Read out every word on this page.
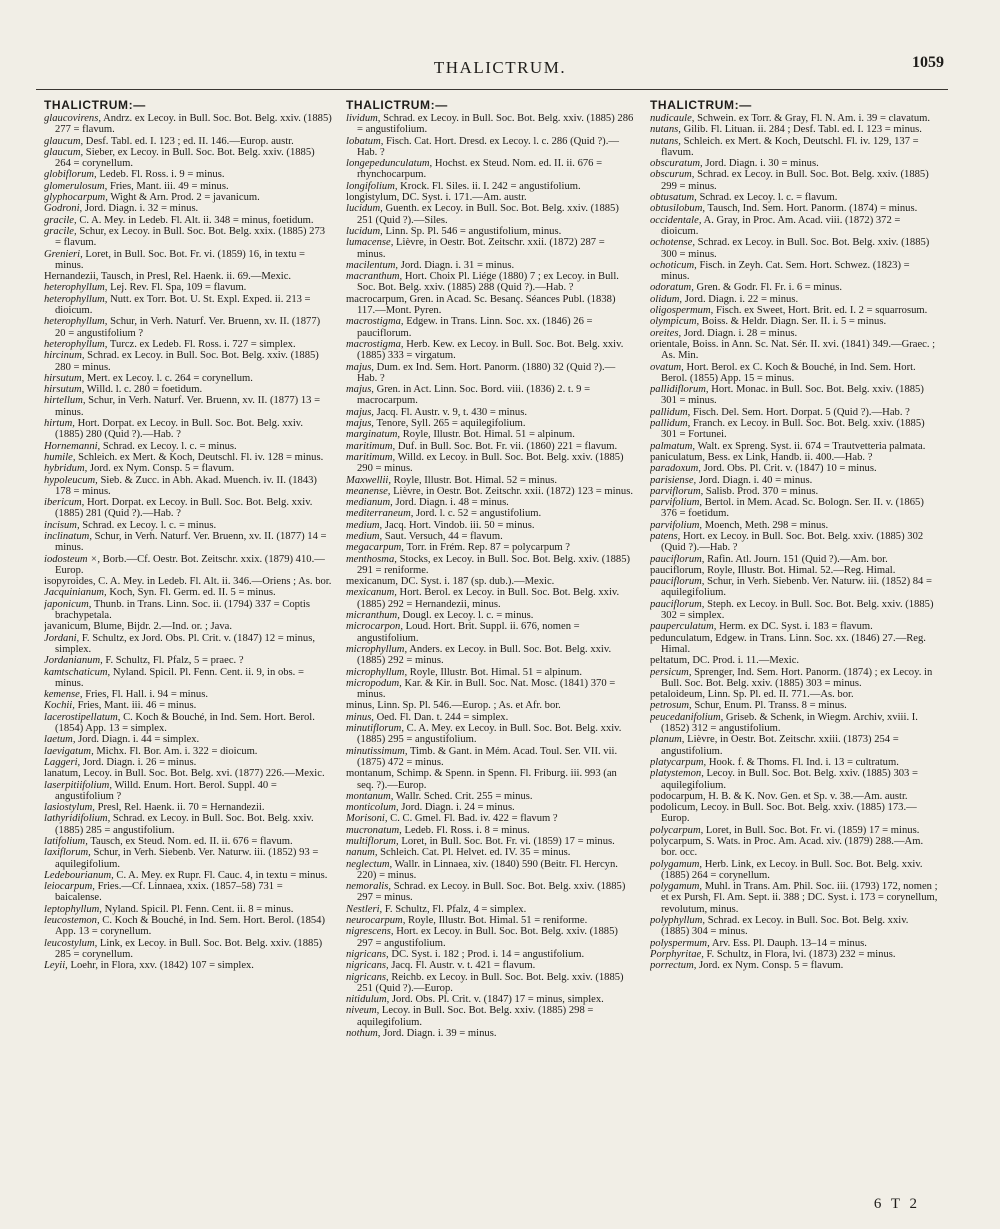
THALICTRUM.	1059
THALICTRUM:—

glaucovirens, Andrz. ex Lecoy. in Bull. Soc. Bot. Belg. xxiv. (1885) 277 = flavum.

glaucum, Desf. Tabl. ed. I. 123 ; ed. II. 146.—Europ. austr.

glaucum, Sieber, ex Lecoy. in Bull. Soc. Bot. Belg. xxiv. (1885) 264 = corynellum.

globiflorum, Ledeb. Fl. Ross. i. 9 = minus.

glomerulosum, Fries, Mant. iii. 49 = minus.

glyphocarpum, Wight & Arn. Prod. 2 = javanicum.

Godroni, Jord. Diagn. i. 32 = minus.

gracile, C. A. Mey. in Ledeb. Fl. Alt. ii. 348 = minus, foetidum.

gracile, Schur, ex Lecoy. in Bull. Soc. Bot. Belg. xxix. (1885) 273 = flavum.

Grenieri, Loret, in Bull. Soc. Bot. Fr. vi. (1859) 16, in textu = minus.

Hernandezii, Tausch, in Presl, Rel. Haenk. ii. 69.—Mexic.

heterophyllum, Lej. Rev. Fl. Spa, 109 = flavum.

heterophyllum, Nutt. ex Torr. Bot. U. St. Expl. Exped. ii. 213 = dioicum.

heterophyllum, Schur, in Verh. Naturf. Ver. Bruenn, xv. II. (1877) 20 = angustifolium ?

heterophyllum, Turcz. ex Ledeb. Fl. Ross. i. 727 = simplex.

hircinum, Schrad. ex Lecoy. in Bull. Soc. Bot. Belg. xxiv. (1885) 280 = minus.

hirsutum, Mert. ex Lecoy. l. c. 264 = corynellum.

hirsutum, Willd. l. c. 280 = foetidum.

hirtellum, Schur, in Verh. Naturf. Ver. Bruenn, xv. II. (1877) 13 = minus.

hirtum, Hort. Dorpat. ex Lecoy. in Bull. Soc. Bot. Belg. xxiv. (1885) 280 (Quid ?).—Hab. ?

Hornemanni, Schrad. ex Lecoy. l. c. = minus.

humile, Schleich. ex Mert. & Koch, Deutschl. Fl. iv. 128 = minus.

hybridum, Jord. ex Nym. Consp. 5 = flavum.

hypoleucum, Sieb. & Zucc. in Abh. Akad. Muench. iv. II. (1843) 178 = minus.

ibericum, Hort. Dorpat. ex Lecoy. in Bull. Soc. Bot. Belg. xxiv. (1885) 281 (Quid ?).—Hab. ?

incisum, Schrad. ex Lecoy. l. c. = minus.

inclinatum, Schur, in Verh. Naturf. Ver. Bruenn, xv. II. (1877) 14 = minus.

iodosteum ×, Borb.—Cf. Oestr. Bot. Zeitschr. xxix. (1879) 410.—Europ.

isopyroides, C. A. Mey. in Ledeb. Fl. Alt. ii. 346.—Oriens ; As. bor.

Jacquinianum, Koch, Syn. Fl. Germ. ed. II. 5 = minus.

japonicum, Thunb. in Trans. Linn. Soc. ii. (1794) 337 = Coptis brachypetala.

javanicum, Blume, Bijdr. 2.—Ind. or. ; Java.

Jordani, F. Schultz, ex Jord. Obs. Pl. Crit. v. (1847) 12 = minus, simplex.

Jordanianum, F. Schultz, Fl. Pfalz, 5 = praec. ?

kamtschaticum, Nyland. Spicil. Pl. Fenn. Cent. ii. 9, in obs. = minus.

kemense, Fries, Fl. Hall. i. 94 = minus.

Kochii, Fries, Mant. iii. 46 = minus.

lacerostipellatum, C. Koch & Bouché, in Ind. Sem. Hort. Berol. (1854) App. 13 = simplex.

laetum, Jord. Diagn. i. 44 = simplex.

laevigatum, Michx. Fl. Bor. Am. i. 322 = dioicum.

Laggeri, Jord. Diagn. i. 26 = minus.

lanatum, Lecoy. in Bull. Soc. Bot. Belg. xvi. (1877) 226.—Mexic.

laserpitiifolium, Willd. Enum. Hort. Berol. Suppl. 40 = angustifolium ?

lasiostylum, Presl, Rel. Haenk. ii. 70 = Hernandezii.

lathyridifolium, Schrad. ex Lecoy. in Bull. Soc. Bot. Belg. xxiv. (1885) 285 = angustifolium.

latifolium, Tausch, ex Steud. Nom. ed. II. ii. 676 = flavum.

laxiflorum, Schur, in Verh. Siebenb. Ver. Naturw. iii. (1852) 93 = aquilegifolium.

Ledebourianum, C. A. Mey. ex Rupr. Fl. Cauc. 4, in textu = minus.

leiocarpum, Fries.—Cf. Linnaea, xxix. (1857–58) 731 = baicalense.

leptophyllum, Nyland. Spicil. Pl. Fenn. Cent. ii. 8 = minus.

leucostemon, C. Koch & Bouché, in Ind. Sem. Hort. Berol. (1854) App. 13 = corynellum.

leucostylum, Link, ex Lecoy. in Bull. Soc. Bot. Belg. xxiv. (1885) 285 = corynellum.

Leyii, Loehr, in Flora, xxv. (1842) 107 = simplex.

THALICTRUM:—

lividum, Schrad. ex Lecoy. in Bull. Soc. Bot. Belg. xxiv. (1885) 286 = angustifolium.

lobatum, Fisch. Cat. Hort. Dresd. ex Lecoy. l. c. 286 (Quid ?).—Hab. ?

longepedunculatum, Hochst. ex Steud. Nom. ed. II. ii. 676 = rhynchocarpum.

longifolium, Krock. Fl. Siles. ii. I. 242 = angustifolium.

longistylum, DC. Syst. i. 171.—Am. austr.

lucidum, Guenth. ex Lecoy. in Bull. Soc. Bot. Belg. xxiv. (1885) 251 (Quid ?).—Siles.

lucidum, Linn. Sp. Pl. 546 = angustifolium, minus.

lumacense, Lièvre, in Oestr. Bot. Zeitschr. xxii. (1872) 287 = minus.

macilentum, Jord. Diagn. i. 31 = minus.

macranthum, Hort. Choix Pl. Liége (1880) 7 ; ex Lecoy. in Bull. Soc. Bot. Belg. xxiv. (1885) 288 (Quid ?).—Hab. ?

macrocarpum, Gren. in Acad. Sc. Besanç. Séances Publ. (1838) 117.—Mont. Pyren.

macrostigma, Edgew. in Trans. Linn. Soc. xx. (1846) 26 = pauciflorum.

macrostigma, Herb. Kew. ex Lecoy. in Bull. Soc. Bot. Belg. xxiv. (1885) 333 = virgatum.

majus, Dum. ex Ind. Sem. Hort. Panorm. (1880) 32 (Quid ?).—Hab. ?

majus, Gren. in Act. Linn. Soc. Bord. viii. (1836) 2. t. 9 = macrocarpum.

majus, Jacq. Fl. Austr. v. 9, t. 430 = minus.

majus, Tenore, Syll. 265 = aquilegifolium.

marginatum, Royle, Illustr. Bot. Himal. 51 = alpinum.

maritimum, Duf. in Bull. Soc. Bot. Fr. vii. (1860) 221 = flavum.

maritimum, Willd. ex Lecoy. in Bull. Soc. Bot. Belg. xxiv. (1885) 290 = minus.

Maxwellii, Royle, Illustr. Bot. Himal. 52 = minus.

meanense, Lièvre, in Oestr. Bot. Zeitschr. xxii. (1872) 123 = minus.

medianum, Jord. Diagn. i. 48 = minus.

mediterraneum, Jord. l. c. 52 = angustifolium.

medium, Jacq. Hort. Vindob. iii. 50 = minus.

medium, Saut. Versuch, 44 = flavum.

megacarpum, Torr. in Frém. Rep. 87 = polycarpum ?

menthosma, Stocks, ex Lecoy. in Bull. Soc. Bot. Belg. xxiv. (1885) 291 = reniforme.

mexicanum, DC. Syst. i. 187 (sp. dub.).—Mexic.

mexicanum, Hort. Berol. ex Lecoy. in Bull. Soc. Bot. Belg. xxiv. (1885) 292 = Hernandezii, minus.

micranthum, Dougl. ex Lecoy. l. c. = minus.

microcarpon, Loud. Hort. Brit. Suppl. ii. 676, nomen = angustifolium.

microphyllum, Anders. ex Lecoy. in Bull. Soc. Bot. Belg. xxiv. (1885) 292 = minus.

microphyllum, Royle, Illustr. Bot. Himal. 51 = alpinum.

micropodum, Kar. & Kir. in Bull. Soc. Nat. Mosc. (1841) 370 = minus.

minus, Linn. Sp. Pl. 546.—Europ. ; As. et Afr. bor.

minus, Oed. Fl. Dan. t. 244 = simplex.

minutiflorum, C. A. Mey. ex Lecoy. in Bull. Soc. Bot. Belg. xxiv. (1885) 295 = angustifolium.

minutissimum, Timb. & Gant. in Mém. Acad. Toul. Ser. VII. vii. (1875) 472 = minus.

montanum, Schimp. & Spenn. in Spenn. Fl. Friburg. iii. 993 (an seq. ?).—Europ.

montanum, Wallr. Sched. Crit. 255 = minus.

monticolum, Jord. Diagn. i. 24 = minus.

Morisoni, C. C. Gmel. Fl. Bad. iv. 422 = flavum ?

mucronatum, Ledeb. Fl. Ross. i. 8 = minus.

multiflorum, Loret, in Bull. Soc. Bot. Fr. vi. (1859) 17 = minus.

nanum, Schleich. Cat. Pl. Helvet. ed. IV. 35 = minus.

neglectum, Wallr. in Linnaea, xiv. (1840) 590 (Beitr. Fl. Hercyn. 220) = minus.

nemoralis, Schrad. ex Lecoy. in Bull. Soc. Bot. Belg. xxiv. (1885) 297 = minus.

Nestleri, F. Schultz, Fl. Pfalz, 4 = simplex.

neurocarpum, Royle, Illustr. Bot. Himal. 51 = reniforme.

nigrescens, Hort. ex Lecoy. in Bull. Soc. Bot. Belg. xxiv. (1885) 297 = angustifolium.

nigricans, DC. Syst. i. 182 ; Prod. i. 14 = angustifolium.

nigricans, Jacq. Fl. Austr. v. t. 421 = flavum.

nigricans, Reichb. ex Lecoy. in Bull. Soc. Bot. Belg. xxiv. (1885) 251 (Quid ?).—Europ.

nitidulum, Jord. Obs. Pl. Crit. v. (1847) 17 = minus, simplex.

niveum, Lecoy. in Bull. Soc. Bot. Belg. xxiv. (1885) 298 = aquilegifolium.

nothum, Jord. Diagn. i. 39 = minus.

THALICTRUM:—

nudicaule, Schwein. ex Torr. & Gray, Fl. N. Am. i. 39 = clavatum.

nutans, Gilib. Fl. Lituan. ii. 284 ; Desf. Tabl. ed. I. 123 = minus.

nutans, Schleich. ex Mert. & Koch, Deutschl. Fl. iv. 129, 137 = flavum.

obscuratum, Jord. Diagn. i. 30 = minus.

obscurum, Schrad. ex Lecoy. in Bull. Soc. Bot. Belg. xxiv. (1885) 299 = minus.

obtusatum, Schrad. ex Lecoy. l. c. = flavum.

obtusilobum, Tausch, Ind. Sem. Hort. Panorm. (1874) = minus.

occidentale, A. Gray, in Proc. Am. Acad. viii. (1872) 372 = dioicum.

ochotense, Schrad. ex Lecoy. in Bull. Soc. Bot. Belg. xxiv. (1885) 300 = minus.

ochoticum, Fisch. in Zeyh. Cat. Sem. Hort. Schwez. (1823) = minus.

odoratum, Gren. & Godr. Fl. Fr. i. 6 = minus.

olidum, Jord. Diagn. i. 22 = minus.

oligospermum, Fisch. ex Sweet, Hort. Brit. ed. I. 2 = squarrosum.

olympicum, Boiss. & Heldr. Diagn. Ser. II. i. 5 = minus.

oreites, Jord. Diagn. i. 28 = minus.

orientale, Boiss. in Ann. Sc. Nat. Sér. II. xvi. (1841) 349.—Graec. ; As. Min.

ovatum, Hort. Berol. ex C. Koch & Bouché, in Ind. Sem. Hort. Berol. (1855) App. 15 = minus.

pallidiflorum, Hort. Monac. in Bull. Soc. Bot. Belg. xxiv. (1885) 301 = minus.

pallidum, Fisch. Del. Sem. Hort. Dorpat. 5 (Quid ?).—Hab. ?

pallidum, Franch. ex Lecoy. in Bull. Soc. Bot. Belg. xxiv. (1885) 301 = Fortunei.

palmatum, Walt. ex Spreng. Syst. ii. 674 = Trautvetteria palmata.

paniculatum, Bess. ex Link, Handb. ii. 400.—Hab. ?

paradoxum, Jord. Obs. Pl. Crit. v. (1847) 10 = minus.

parisiense, Jord. Diagn. i. 40 = minus.

parviflorum, Salisb. Prod. 370 = minus.

parvifolium, Bertol. in Mem. Acad. Sc. Bologn. Ser. II. v. (1865) 376 = foetidum.

parvifolium, Moench, Meth. 298 = minus.

patens, Hort. ex Lecoy. in Bull. Soc. Bot. Belg. xxiv. (1885) 302 (Quid ?).—Hab. ?

pauciflorum, Rafin. Atl. Journ. 151 (Quid ?).—Am. bor.

pauciflorum, Royle, Illustr. Bot. Himal. 52.—Reg. Himal.

pauciflorum, Schur, in Verh. Siebenb. Ver. Naturw. iii. (1852) 84 = aquilegifolium.

pauciflorum, Steph. ex Lecoy. in Bull. Soc. Bot. Belg. xxiv. (1885) 302 = simplex.

pauperculatum, Herm. ex DC. Syst. i. 183 = flavum.

pedunculatum, Edgew. in Trans. Linn. Soc. xx. (1846) 27.—Reg. Himal.

peltatum, DC. Prod. i. 11.—Mexic.

persicum, Sprenger, Ind. Sem. Hort. Panorm. (1874) ; ex Lecoy. in Bull. Soc. Bot. Belg. xxiv. (1885) 303 = minus.

petaloideum, Linn. Sp. Pl. ed. II. 771.—As. bor.

petrosum, Schur, Enum. Pl. Transs. 8 = minus.

peucedanifolium, Griseb. & Schenk, in Wiegm. Archiv, xviii. I. (1852) 312 = angustifolium.

planum, Lièvre, in Oestr. Bot. Zeitschr. xxiii. (1873) 254 = angustifolium.

platycarpum, Hook. f. & Thoms. Fl. Ind. i. 13 = cultratum.

platystemon, Lecoy. in Bull. Soc. Bot. Belg. xxiv. (1885) 303 = aquilegifolium.

podocarpum, H. B. & K. Nov. Gen. et Sp. v. 38.—Am. austr.

podolicum, Lecoy. in Bull. Soc. Bot. Belg. xxiv. (1885) 173.—Europ.

polycarpum, Loret, in Bull. Soc. Bot. Fr. vi. (1859) 17 = minus.

polycarpum, S. Wats. in Proc. Am. Acad. xiv. (1879) 288.—Am. bor. occ.

polygamum, Herb. Link, ex Lecoy. in Bull. Soc. Bot. Belg. xxiv. (1885) 264 = corynellum.

polygamum, Muhl. in Trans. Am. Phil. Soc. iii. (1793) 172, nomen ; et ex Pursh, Fl. Am. Sept. ii. 388 ; DC. Syst. i. 173 = corynellum, revolutum, minus.

polyphyllum, Schrad. ex Lecoy. in Bull. Soc. Bot. Belg. xxiv. (1885) 304 = minus.

polyspermum, Arv. Ess. Pl. Dauph. 13–14 = minus.

Porphyritae, F. Schultz, in Flora, lvi. (1873) 232 = minus.

porrectum, Jord. ex Nym. Consp. 5 = flavum.

6 T 2
